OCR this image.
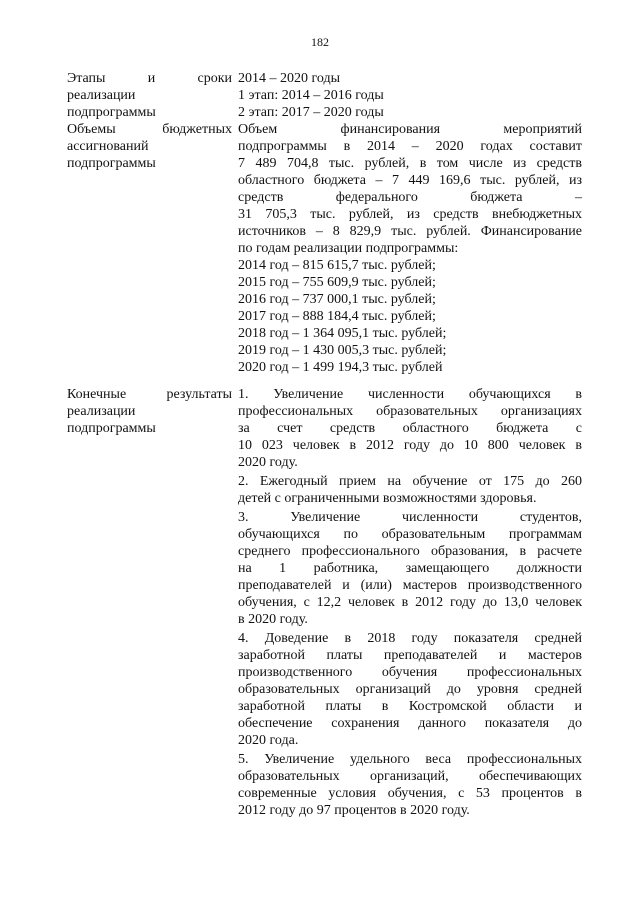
182
Этапы и сроки
реализации
подпрограммы
2014 – 2020 годы
1 этап: 2014 – 2016 годы
2 этап: 2017 – 2020 годы
Объемы бюджетных
ассигнований
подпрограммы
Объем финансирования мероприятий
подпрограммы в 2014 – 2020 годах составит
7 489 704,8 тыс. рублей, в том числе из средств
областного бюджета – 7 449 169,6 тыс. рублей, из
средств федерального бюджета –
31 705,3 тыс. рублей, из средств внебюджетных
источников – 8 829,9 тыс. рублей. Финансирование
по годам реализации подпрограммы:
2014 год – 815 615,7 тыс. рублей;
2015 год – 755 609,9 тыс. рублей;
2016 год – 737 000,1 тыс. рублей;
2017 год – 888 184,4 тыс. рублей;
2018 год – 1 364 095,1 тыс. рублей;
2019 год – 1 430 005,3 тыс. рублей;
2020 год – 1 499 194,3 тыс. рублей
Конечные результаты
реализации
подпрограммы
1. Увеличение численности обучающихся в
профессиональных образовательных организациях
за счет средств областного бюджета с
10 023 человек в 2012 году до 10 800 человек в
2020 году.
2. Ежегодный прием на обучение от 175 до 260
детей с ограниченными возможностями здоровья.
3. Увеличение численности студентов,
обучающихся по образовательным программам
среднего профессионального образования, в расчете
на 1 работника, замещающего должности
преподавателей и (или) мастеров производственного
обучения, с 12,2 человек в 2012 году до 13,0 человек
в 2020 году.
4. Доведение в 2018 году показателя средней
заработной платы преподавателей и мастеров
производственного обучения профессиональных
образовательных организаций до уровня средней
заработной платы в Костромской области и
обеспечение сохранения данного показателя до
2020 года.
5. Увеличение удельного веса профессиональных
образовательных организаций, обеспечивающих
современные условия обучения, с 53 процентов в
2012 году до 97 процентов в 2020 году.
